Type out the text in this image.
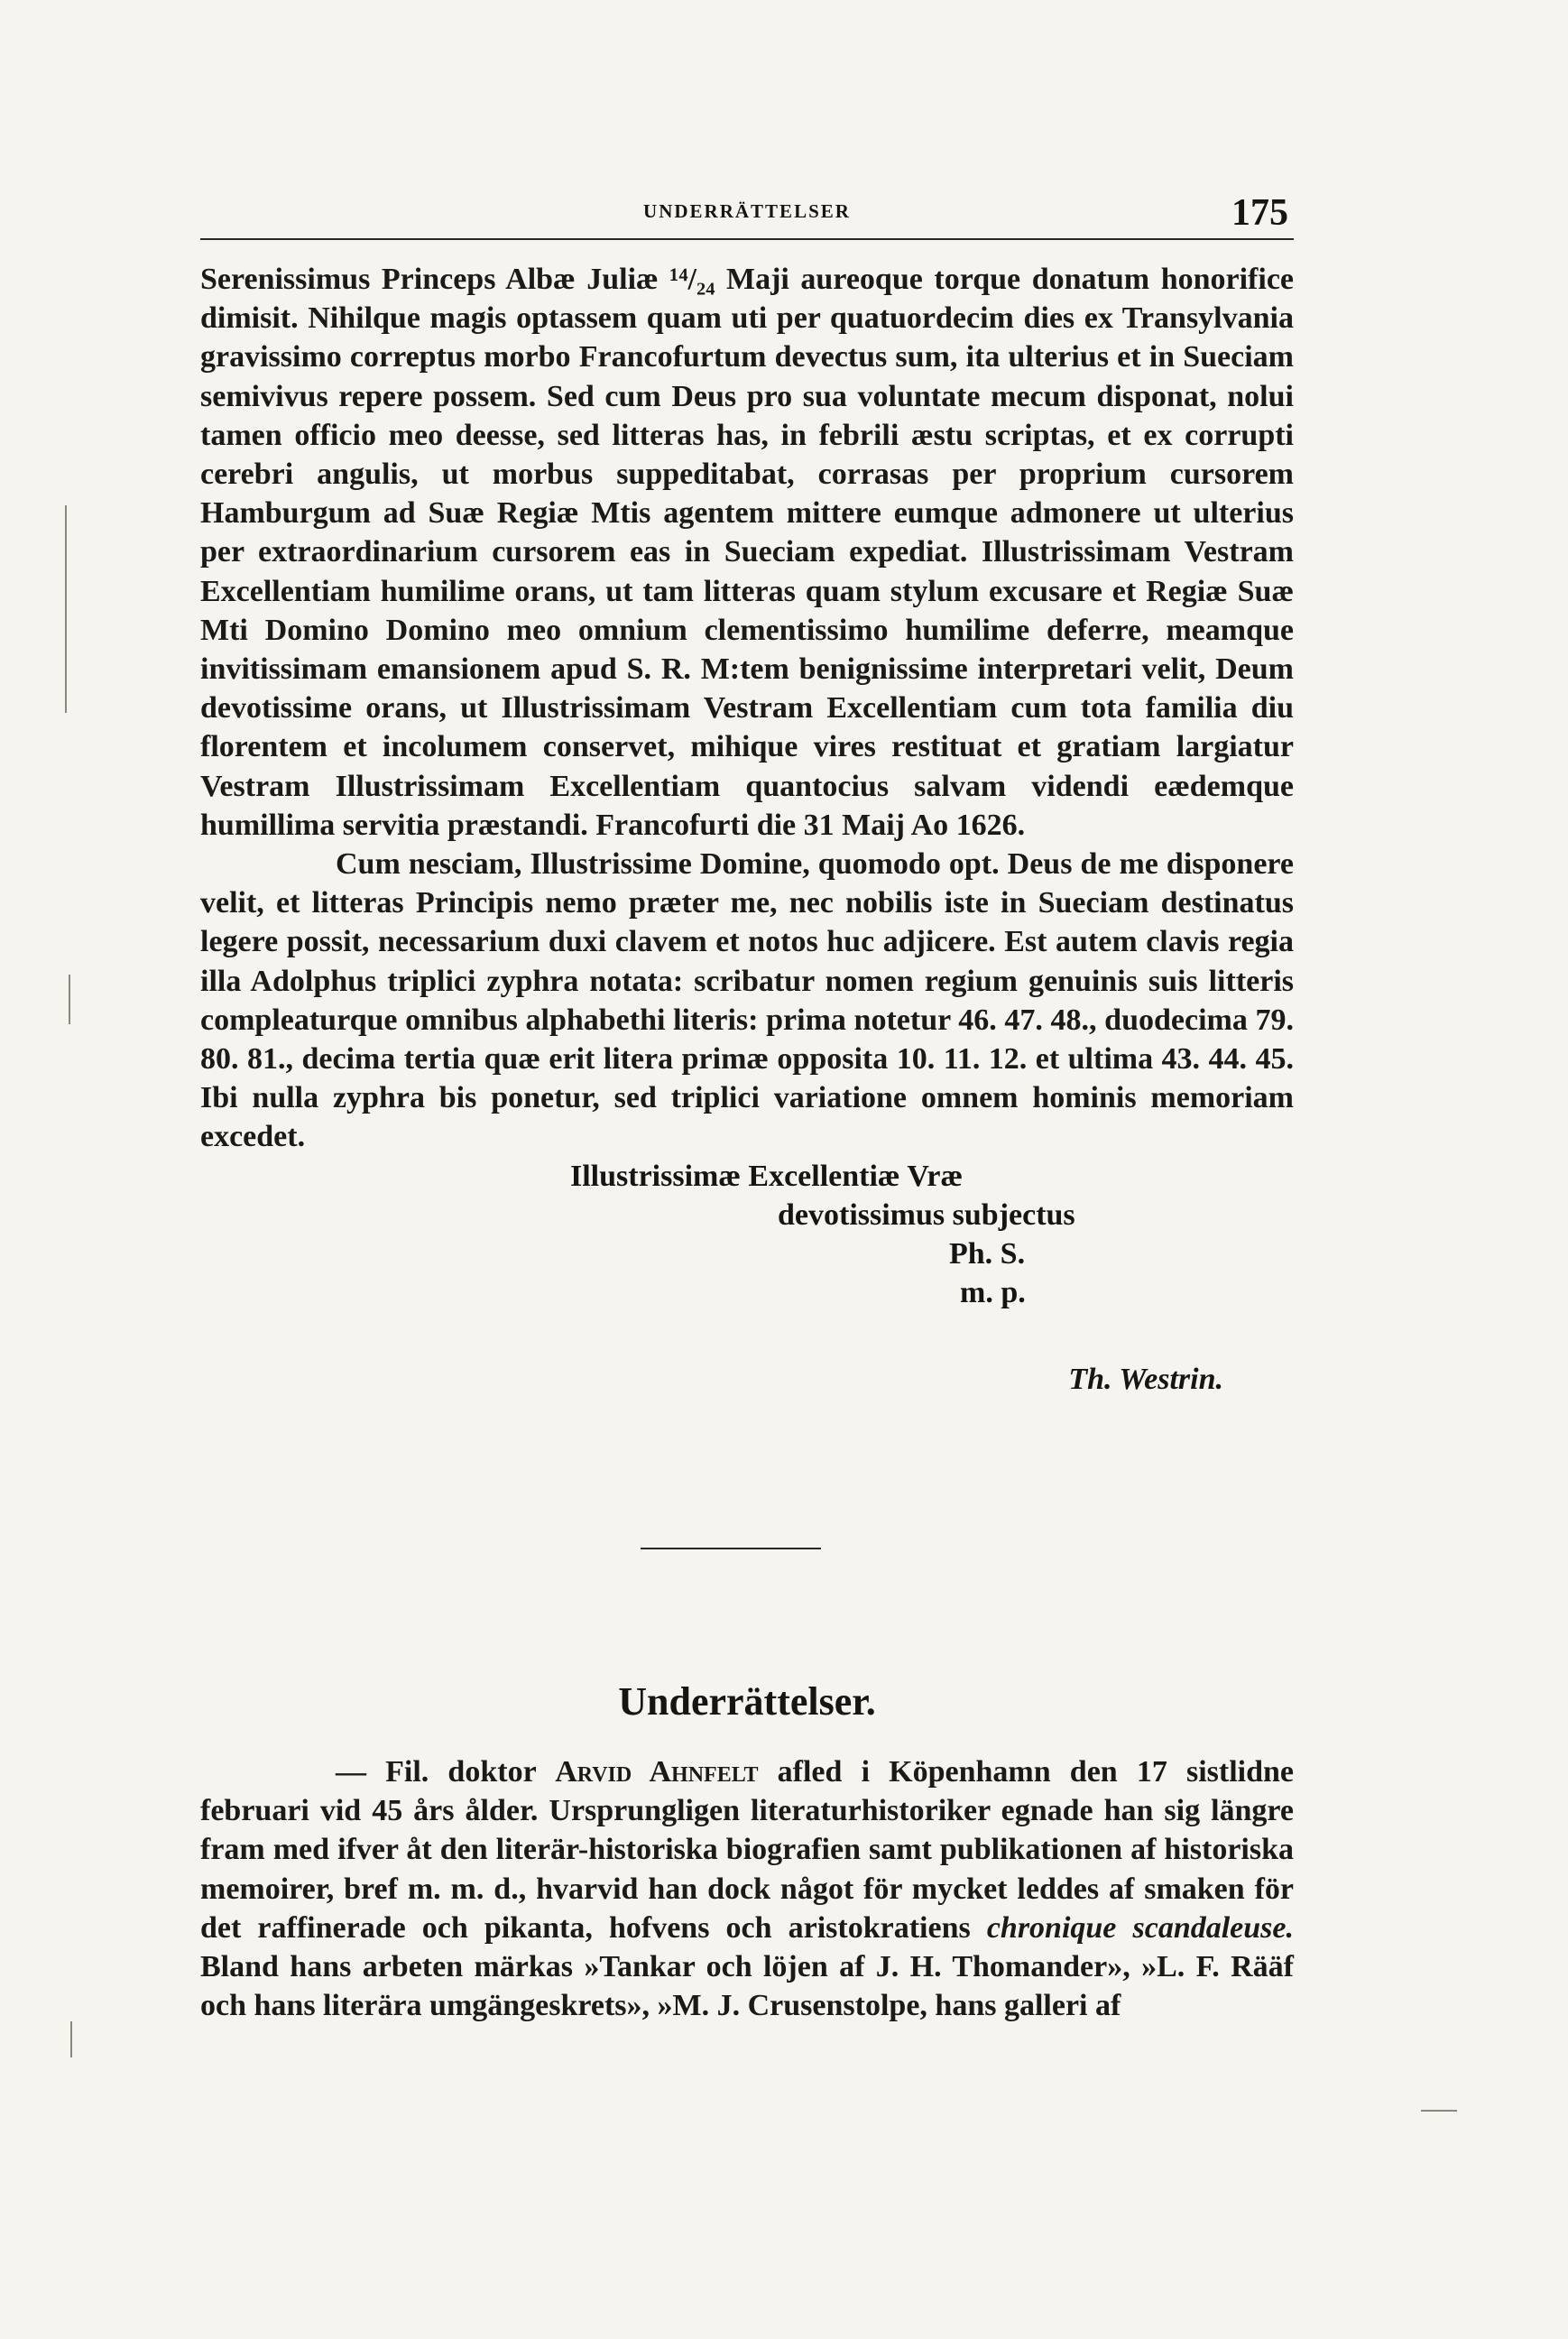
UNDERRÄTTELSER	175

Serenissimus Princeps Albæ Juliæ ¹⁴/₂₄ Maji aureoque torque donatum honorifice dimisit. Nihilque magis optassem quam uti per quatuordecim dies ex Transylvania gravissimo correptus morbo Francofurtum devectus sum, ita ulterius et in Sueciam semivivus repere possem. Sed cum Deus pro sua voluntate mecum disponat, nolui tamen officio meo deesse, sed litteras has, in febrili æstu scriptas, et ex corrupti cerebri angulis, ut morbus suppeditabat, corrasas per proprium cursorem Hamburgum ad Suæ Regiæ Mtis agentem mittere eumque admonere ut ulterius per extraordinarium cursorem eas in Sueciam expediat. Illustrissimam Vestram Excellentiam humilime orans, ut tam litteras quam stylum excusare et Regiæ Suæ Mti Domino Domino meo omnium clementissimo humilime deferre, meamque invitissimam emansionem apud S. R. M:tem benignissime interpretari velit, Deum devotissime orans, ut Illustrissimam Vestram Excellentiam cum tota familia diu florentem et incolumem conservet, mihique vires restituat et gratiam largiatur Vestram Illustrissimam Excellentiam quantocius salvam videndi eædemque humillima servitia præstandi. Francofurti die 31 Maij Ao 1626.

Cum nesciam, Illustrissime Domine, quomodo opt. Deus de me disponere velit, et litteras Principis nemo præter me, nec nobilis iste in Sueciam destinatus legere possit, necessarium duxi clavem et notos huc adjicere. Est autem clavis regia illa Adolphus triplici zyphra notata: scribatur nomen regium genuinis suis litteris compleaturque omnibus alphabethi literis: prima notetur 46. 47. 48., duodecima 79. 80. 81., decima tertia quæ erit litera primæ opposita 10. 11. 12. et ultima 43. 44. 45. Ibi nulla zyphra bis ponetur, sed triplici variatione omnem hominis memoriam excedet.

Illustrissimæ Excellentiæ Vræ

devotissimus subjectus

Ph. S.

m. p.

Th. Westrin.

Underrättelser.

— Fil. doktor Arvid Ahnfelt afled i Köpenhamn den 17 sistlidne februari vid 45 års ålder. Ursprungligen literaturhistoriker egnade han sig längre fram med ifver åt den literär-historiska biografien samt publikationen af historiska memoirer, bref m. m. d., hvarvid han dock något för mycket leddes af smaken för det raffinerade och pikanta, hofvens och aristokratiens chronique scandaleuse. Bland hans arbeten märkas »Tankar och löjen af J. H. Thomander», »L. F. Rääf och hans literära umgängeskrets», »M. J. Crusenstolpe, hans galleri af
